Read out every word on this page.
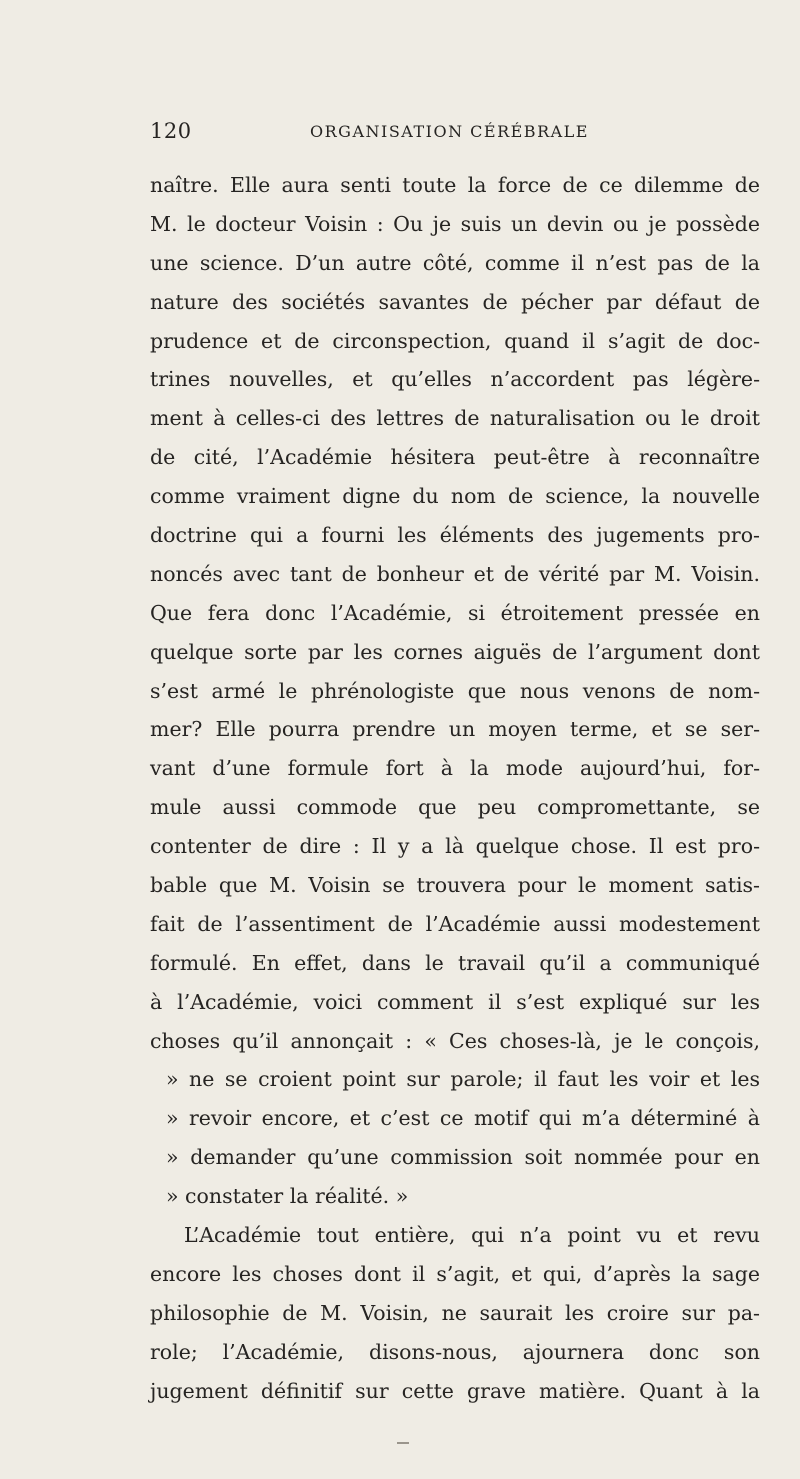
120	ORGANISATION CÉRÉBRALE
naître. Elle aura senti toute la force de ce dilemme de
M. le docteur Voisin : Ou je suis un devin ou je possède
une science. D’un autre côté, comme il n’est pas de la
nature des sociétés savantes de pécher par défaut de
prudence et de circonspection, quand il s’agit de doc-
trines nouvelles, et qu’elles n’accordent pas légère-
ment à celles-ci des lettres de naturalisation ou le droit
de cité, l’Académie hésitera peut-être à reconnaître
comme vraiment digne du nom de science, la nouvelle
doctrine qui a fourni les éléments des jugements pro-
noncés avec tant de bonheur et de vérité par M. Voisin.
Que fera donc l’Académie, si étroitement pressée en
quelque sorte par les cornes aiguës de l’argument dont
s’est armé le phrénologiste que nous venons de nom-
mer? Elle pourra prendre un moyen terme, et se ser-
vant d’une formule fort à la mode aujourd’hui, for-
mule aussi commode que peu compromettante, se
contenter de dire : Il y a là quelque chose. Il est pro-
bable que M. Voisin se trouvera pour le moment satis-
fait de l’assentiment de l’Académie aussi modestement
formulé. En effet, dans le travail qu’il a communiqué
à l’Académie, voici comment il s’est expliqué sur les
choses qu’il annonçait : « Ces choses-là, je le conçois,
» ne se croient point sur parole; il faut les voir et les
» revoir encore, et c’est ce motif qui m’a déterminé à
» demander qu’une commission soit nommée pour en
» constater la réalité. »
L’Académie tout entière, qui n’a point vu et revu
encore les choses dont il s’agit, et qui, d’après la sage
philosophie de M. Voisin, ne saurait les croire sur pa-
role; l’Académie, disons-nous, ajournera donc son
jugement définitif sur cette grave matière. Quant à la
